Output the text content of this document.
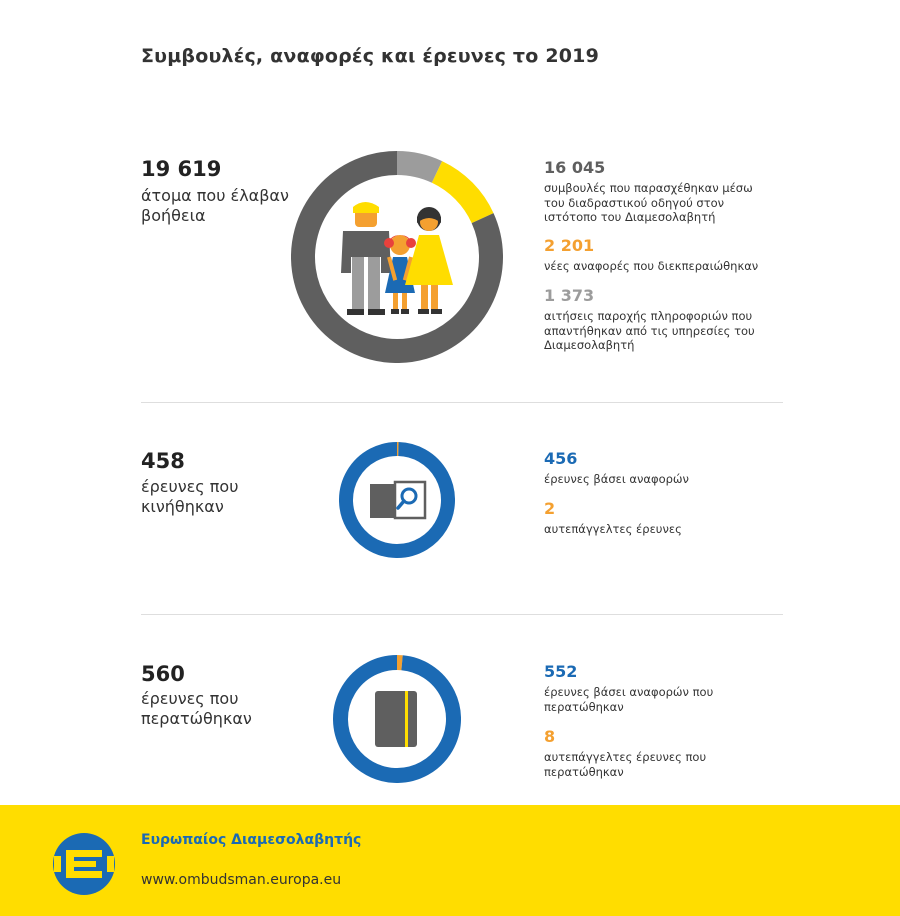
Συμβουλές, αναφορές και έρευνες το 2019
19 619
άτομα που έλαβαν βοήθεια
16 045
συμβουλές που παρασχέθηκαν μέσω του διαδραστικού οδηγού στον ιστότοπο του Διαμεσολαβητή
2 201
νέες αναφορές που διεκπεραιώθηκαν
1 373
αιτήσεις παροχής πληροφοριών που απαντήθηκαν από τις υπηρεσίες του Διαμεσολαβητή
458
έρευνες που κινήθηκαν
456
έρευνες βάσει αναφορών
2
αυτεπάγγελτες έρευνες
560
έρευνες που περατώθηκαν
552
έρευνες βάσει αναφορών που περατώθηκαν
8
αυτεπάγγελτες έρευνες που περατώθηκαν
Ευρωπαίος Διαμεσολαβητής
www.ombudsman.europa.eu
